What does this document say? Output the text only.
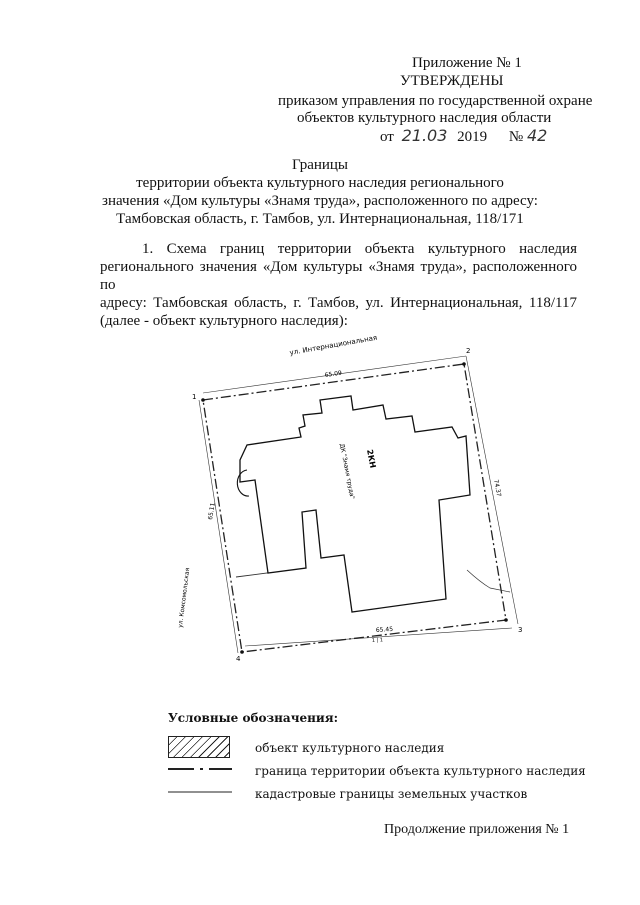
Приложение № 1
УТВЕРЖДЕНЫ
приказом управления по государственной охране
объектов культурного наследия области
от 21.03 2019 № 42
Границы
территории объекта культурного наследия регионального
значения «Дом культуры «Знамя труда», расположенного по адресу:
Тамбовская область, г. Тамбов, ул. Интернациональная, 118/171
1. Схема границ территории объекта культурного наследия
регионального значения «Дом культуры «Знамя труда», расположенного по
адресу: Тамбовская область, г. Тамбов, ул. Интернациональная, 118/117
(далее - объект культурного наследия):
ул. Интернациональная
ул. Комсомольская
65.09
74.37
65.11
65.45
1 | 1
1
2
3
4
2КН
ДК "Знамя труда"
Условные обозначения:
объект культурного наследия
граница территории объекта культурного наследия
кадастровые границы земельных участков
Продолжение приложения № 1
